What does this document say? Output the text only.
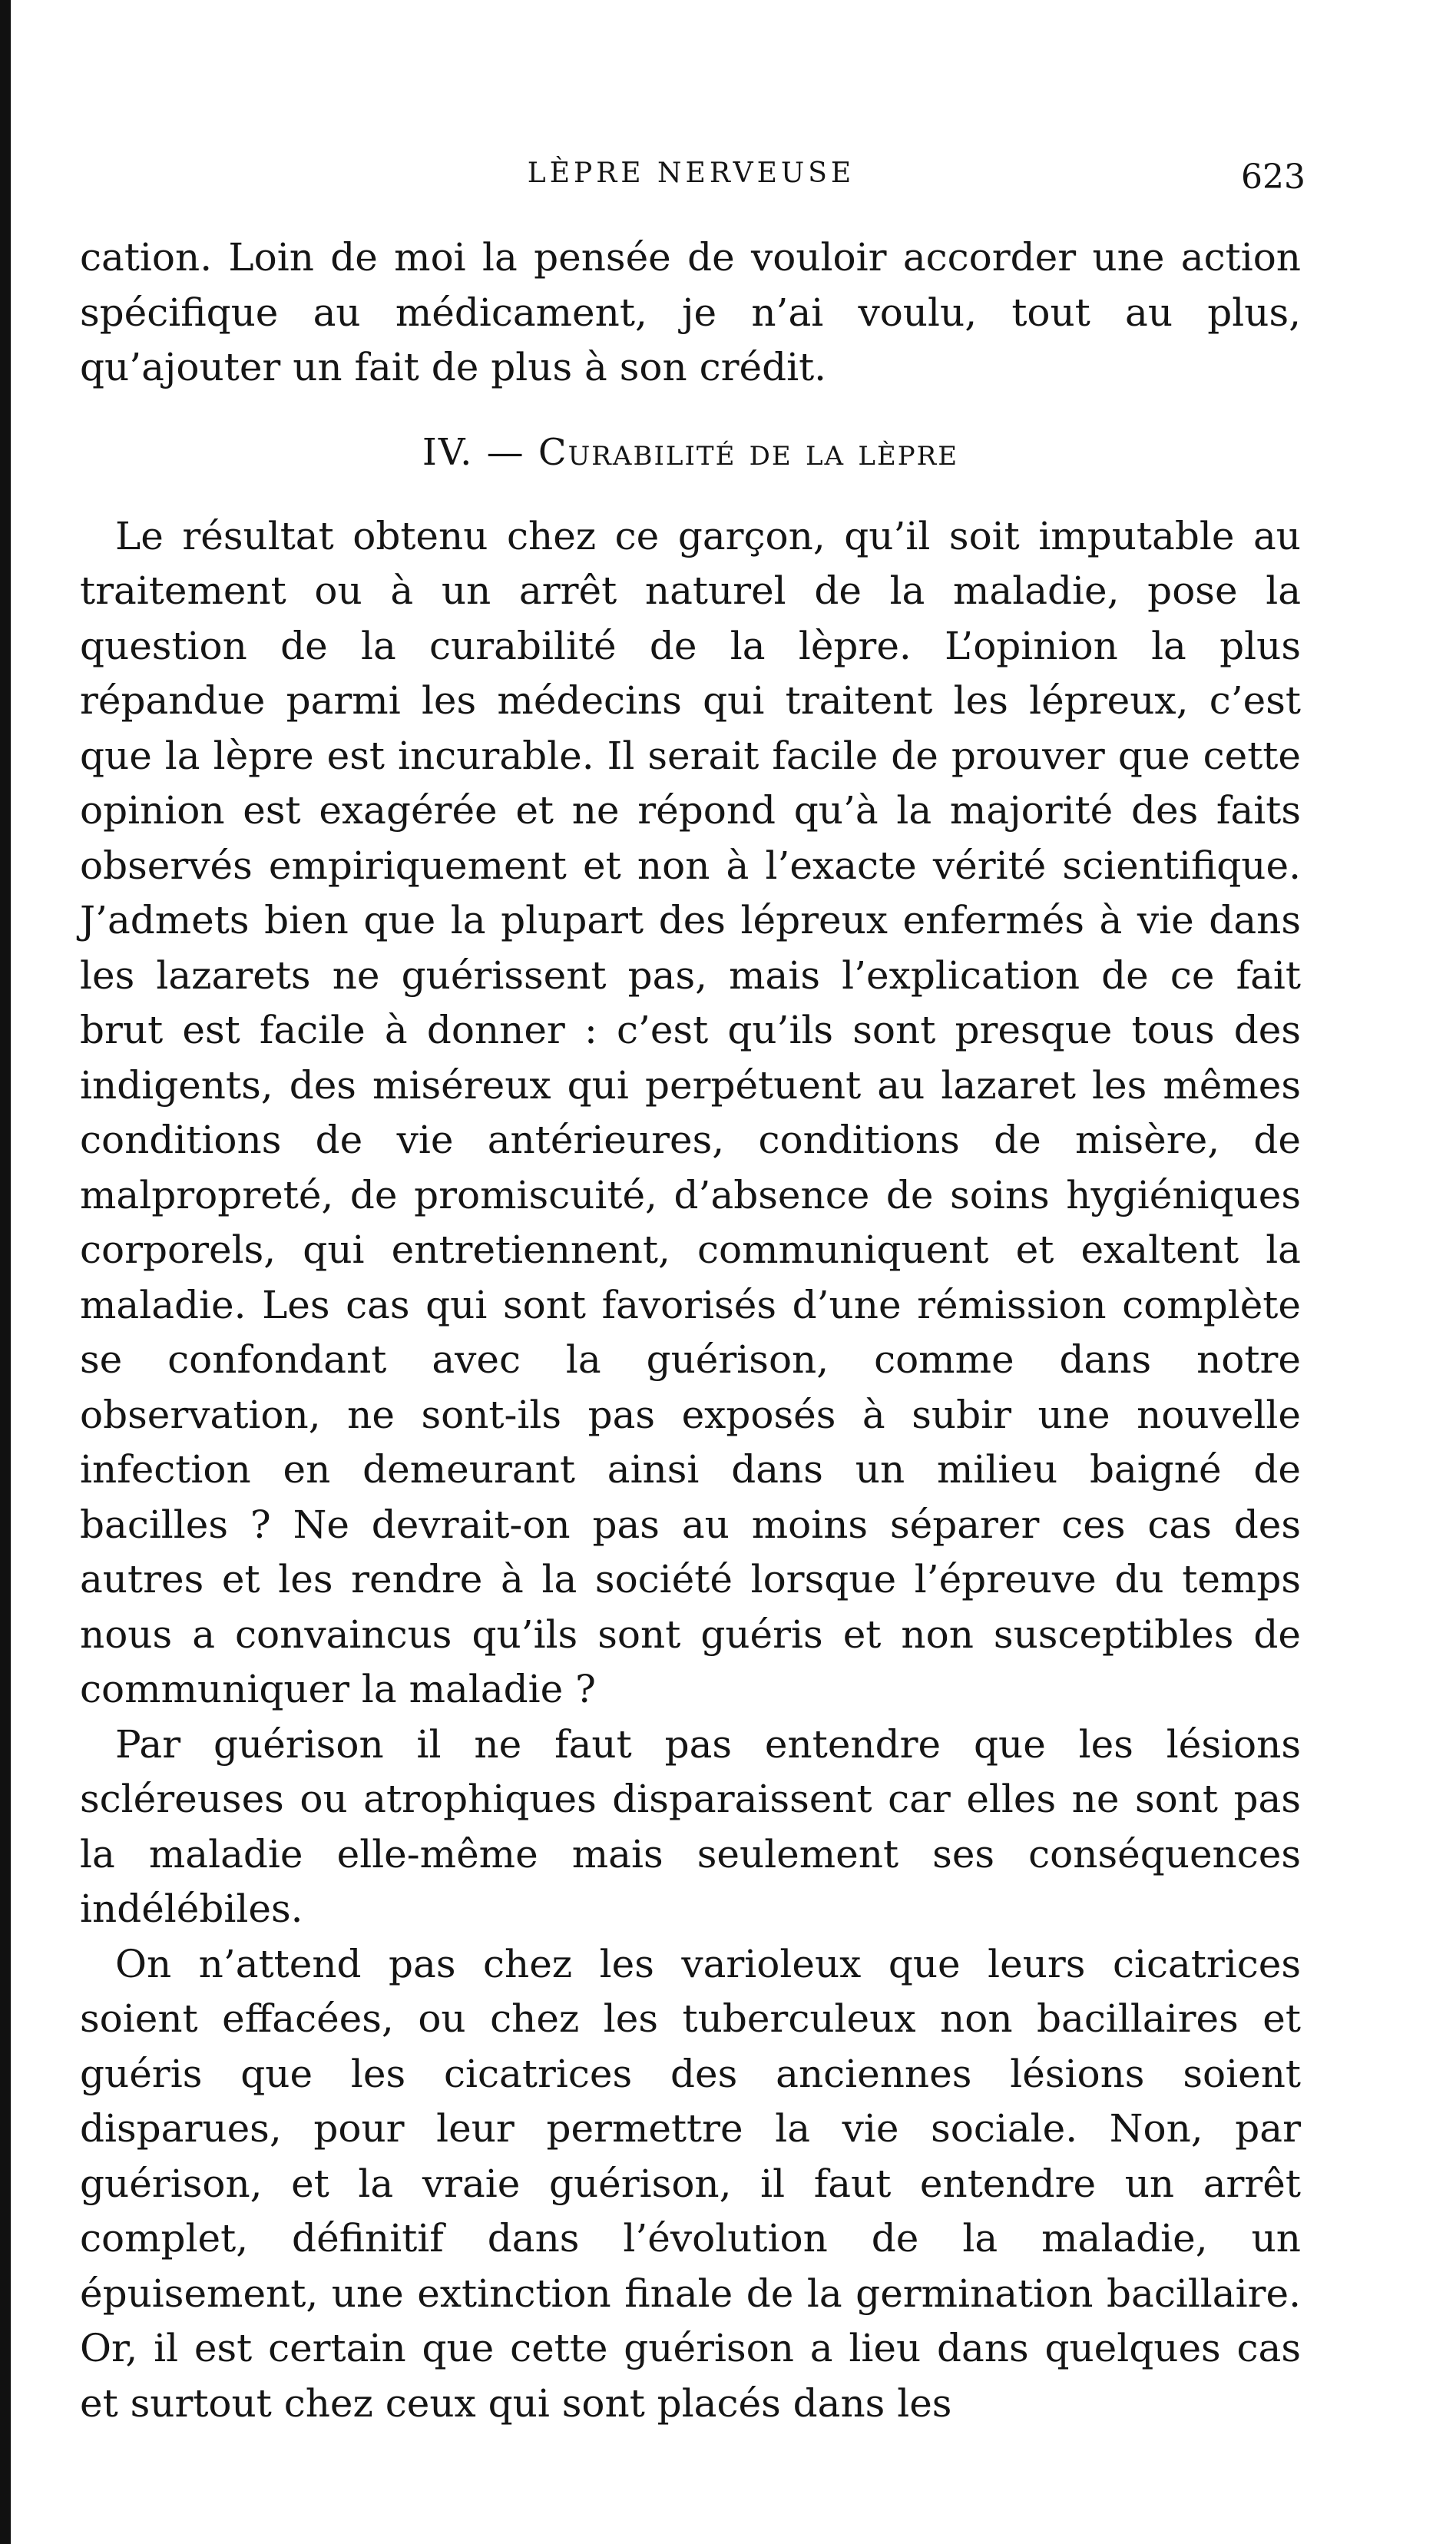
LÈPRE NERVEUSE	623

cation. Loin de moi la pensée de vouloir accorder une action spécifique au médicament, je n’ai voulu, tout au plus, qu’ajouter un fait de plus à son crédit.

IV. — Curabilité de la lèpre

Le résultat obtenu chez ce garçon, qu’il soit imputable au traitement ou à un arrêt naturel de la maladie, pose la question de la curabilité de la lèpre. L’opinion la plus répandue parmi les médecins qui traitent les lépreux, c’est que la lèpre est incurable. Il serait facile de prouver que cette opinion est exagérée et ne répond qu’à la majorité des faits observés empiriquement et non à l’exacte vérité scientifique. J’admets bien que la plupart des lépreux enfermés à vie dans les lazarets ne guérissent pas, mais l’explication de ce fait brut est facile à donner : c’est qu’ils sont presque tous des indigents, des miséreux qui perpétuent au lazaret les mêmes conditions de vie antérieures, conditions de misère, de malpropreté, de promiscuité, d’absence de soins hygiéniques corporels, qui entretiennent, communiquent et exaltent la maladie. Les cas qui sont favorisés d’une rémission complète se confondant avec la guérison, comme dans notre observation, ne sont-ils pas exposés à subir une nouvelle infection en demeurant ainsi dans un milieu baigné de bacilles ? Ne devrait-on pas au moins séparer ces cas des autres et les rendre à la société lorsque l’épreuve du temps nous a convaincus qu’ils sont guéris et non susceptibles de communiquer la maladie ?

Par guérison il ne faut pas entendre que les lésions scléreuses ou atrophiques disparaissent car elles ne sont pas la maladie elle-même mais seulement ses conséquences indélébiles.

On n’attend pas chez les varioleux que leurs cicatrices soient effacées, ou chez les tuberculeux non bacillaires et guéris que les cicatrices des anciennes lésions soient disparues, pour leur permettre la vie sociale. Non, par guérison, et la vraie guérison, il faut entendre un arrêt complet, définitif dans l’évolution de la maladie, un épuisement, une extinction finale de la germination bacillaire. Or, il est certain que cette guérison a lieu dans quelques cas et surtout chez ceux qui sont placés dans les
